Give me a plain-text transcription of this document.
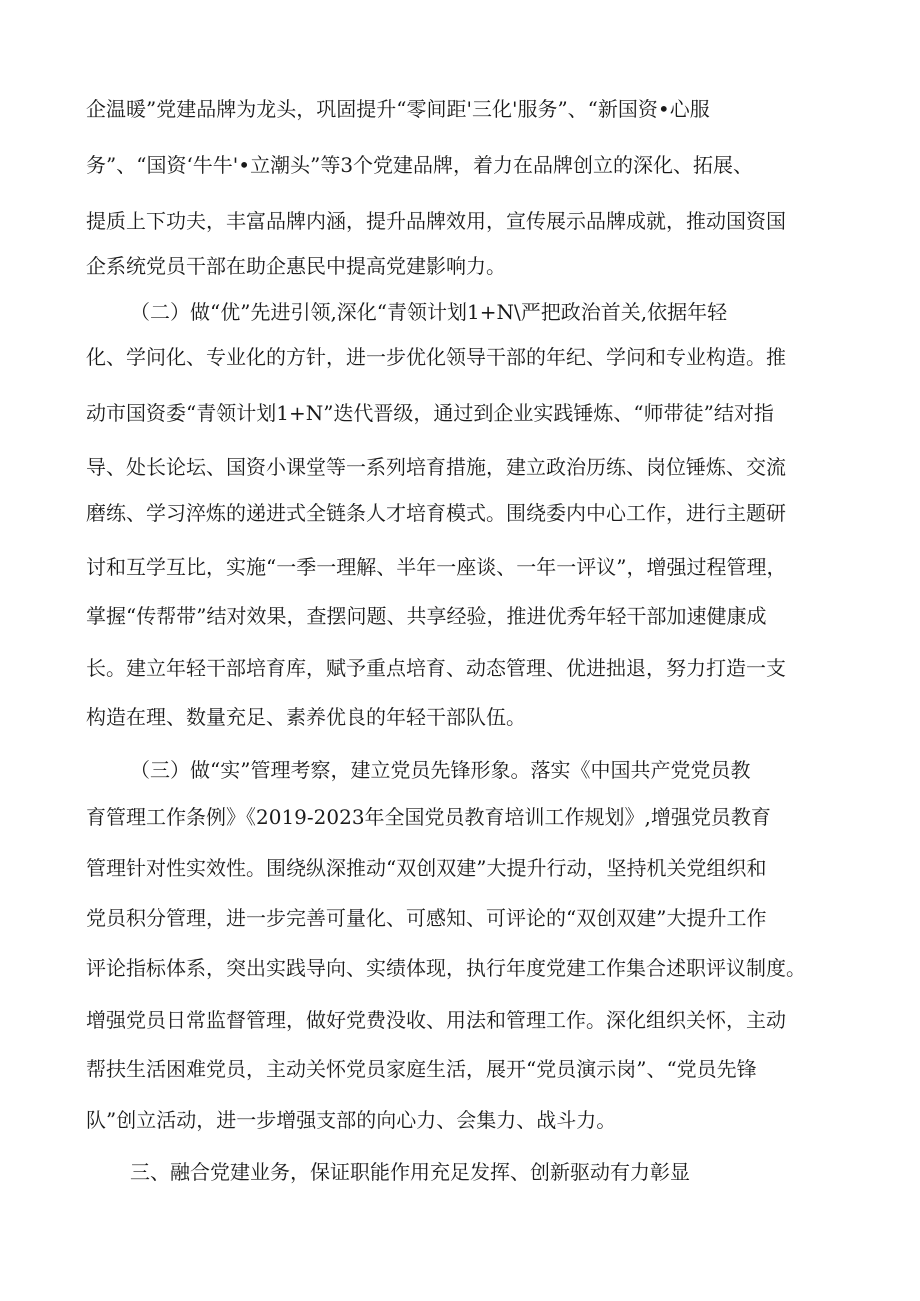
企温暖”党建品牌为龙头，巩固提升“零间距'三化'服务”、“新国资•心服
务”、“国资‘牛牛'•立潮头”等3个党建品牌，着力在品牌创立的深化、拓展、
提质上下功夫，丰富品牌内涵，提升品牌效用，宣传展示品牌成就，推动国资国
企系统党员干部在助企惠民中提高党建影响力。
（二）做“优”先进引领,深化“青领计划1+N\严把政治首关,依据年轻
化、学问化、专业化的方针，进一步优化领导干部的年纪、学问和专业构造。推
动市国资委“青领计划1+N”迭代晋级，通过到企业实践锤炼、“师带徒”结对指
导、处长论坛、国资小课堂等一系列培育措施，建立政治历练、岗位锤炼、交流
磨练、学习淬炼的递进式全链条人才培育模式。围绕委内中心工作，进行主题研
讨和互学互比，实施“一季一理解、半年一座谈、一年一评议”，增强过程管理，
掌握“传帮带”结对效果，查摆问题、共享经验，推进优秀年轻干部加速健康成
长。建立年轻干部培育库，赋予重点培育、动态管理、优进拙退，努力打造一支
构造在理、数量充足、素养优良的年轻干部队伍。
（三）做“实”管理考察，建立党员先锋形象。落实《中国共产党党员教
育管理工作条例》《2019-2023年全国党员教育培训工作规划》,增强党员教育
管理针对性实效性。围绕纵深推动“双创双建”大提升行动，坚持机关党组织和
党员积分管理，进一步完善可量化、可感知、可评论的“双创双建”大提升工作
评论指标体系，突出实践导向、实绩体现，执行年度党建工作集合述职评议制度。
增强党员日常监督管理，做好党费没收、用法和管理工作。深化组织关怀，主动
帮扶生活困难党员，主动关怀党员家庭生活，展开“党员演示岗”、“党员先锋
队”创立活动，进一步增强支部的向心力、会集力、战斗力。
三、融合党建业务，保证职能作用充足发挥、创新驱动有力彰显
